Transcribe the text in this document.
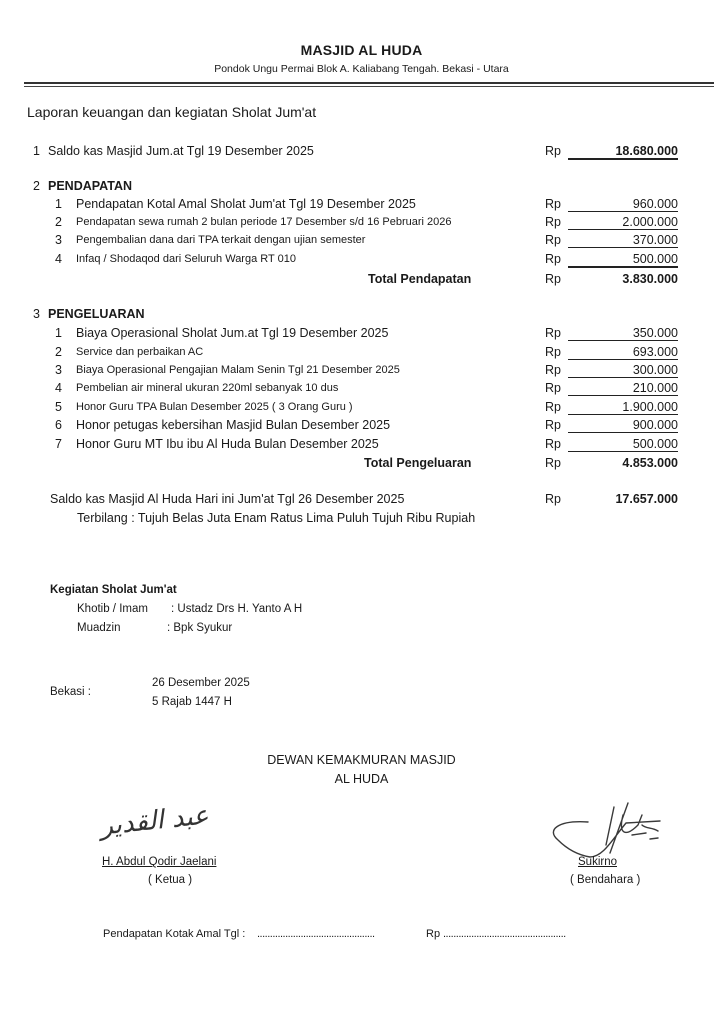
MASJID AL HUDA
Pondok Ungu Permai Blok A. Kaliabang Tengah. Bekasi - Utara
Laporan keuangan dan kegiatan Sholat Jum'at
1 Saldo kas Masjid Jum.at Tgl 19 Desember 2025	Rp	18.680.000
2 PENDAPATAN
1 Pendapatan Kotal Amal Sholat Jum'at Tgl 19 Desember 2025	Rp	960.000
2 Pendapatan sewa rumah 2 bulan periode 17 Desember s/d 16 Pebruari 2026	Rp	2.000.000
3 Pengembalian dana dari TPA terkait dengan ujian semester	Rp	370.000
4 Infaq / Shodaqod dari Seluruh Warga RT 010	Rp	500.000
Total Pendapatan	Rp	3.830.000
3 PENGELUARAN
1 Biaya Operasional Sholat Jum.at Tgl 19 Desember 2025	Rp	350.000
2 Service dan perbaikan AC	Rp	693.000
3 Biaya Operasional Pengajian Malam Senin Tgl 21 Desember 2025	Rp	300.000
4 Pembelian air mineral ukuran 220ml sebanyak 10 dus	Rp	210.000
5 Honor Guru TPA Bulan Desember 2025 ( 3 Orang Guru )	Rp	1.900.000
6 Honor petugas kebersihan Masjid Bulan Desember 2025	Rp	900.000
7 Honor Guru MT Ibu ibu Al Huda Bulan Desember 2025	Rp	500.000
Total Pengeluaran	Rp	4.853.000
Saldo kas Masjid Al Huda Hari ini Jum'at Tgl 26 Desember 2025	Rp	17.657.000
Terbilang : Tujuh Belas Juta Enam Ratus Lima Puluh Tujuh Ribu Rupiah
Kegiatan Sholat Jum'at
Khotib / Imam : Ustadz Drs H. Yanto A H
Muadzin	: Bpk Syukur
Bekasi :
26 Desember 2025
5 Rajab 1447 H
DEWAN KEMAKMURAN MASJID
AL HUDA
عبد القدير
H. Abdul Qodir Jaelani
( Ketua )
Sukirno
( Bendahara )
Pendapatan Kotak Amal Tgl : ..............................................	Rp ................................................
